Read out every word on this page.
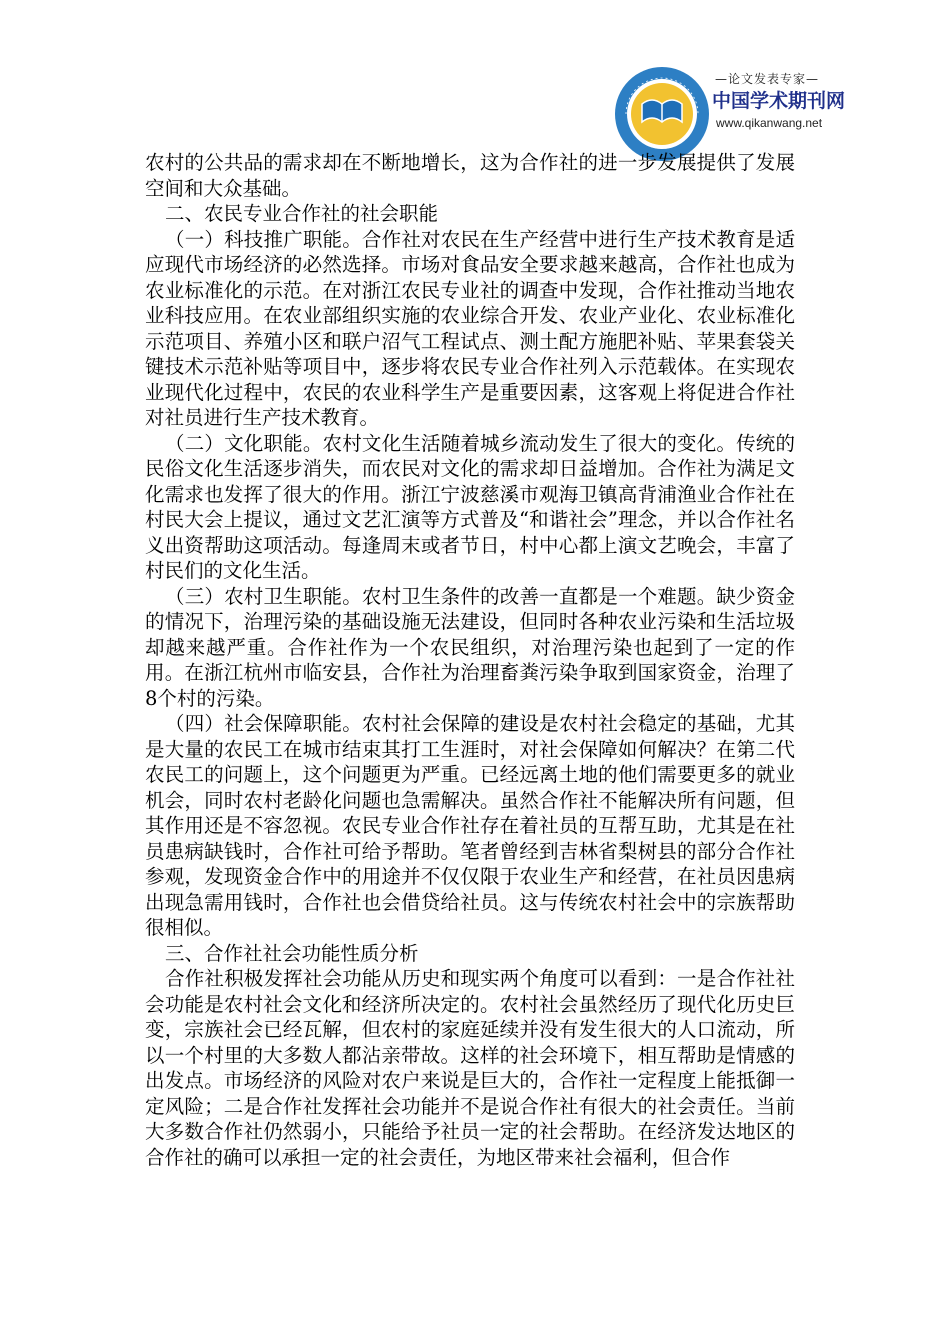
—论文发表专家—
中国学术期刊网
www.qikanwang.net

农村的公共品的需求却在不断地增长，这为合作社的进一步发展提供了发展空间和大众基础。

二、农民专业合作社的社会职能

（一）科技推广职能。合作社对农民在生产经营中进行生产技术教育是适应现代市场经济的必然选择。市场对食品安全要求越来越高，合作社也成为农业标准化的示范。在对浙江农民专业社的调查中发现，合作社推动当地农业科技应用。在农业部组织实施的农业综合开发、农业产业化、农业标准化示范项目、养殖小区和联户沼气工程试点、测土配方施肥补贴、苹果套袋关键技术示范补贴等项目中，逐步将农民专业合作社列入示范载体。在实现农业现代化过程中，农民的农业科学生产是重要因素，这客观上将促进合作社对社员进行生产技术教育。

（二）文化职能。农村文化生活随着城乡流动发生了很大的变化。传统的民俗文化生活逐步消失，而农民对文化的需求却日益增加。合作社为满足文化需求也发挥了很大的作用。浙江宁波慈溪市观海卫镇高背浦渔业合作社在村民大会上提议，通过文艺汇演等方式普及“和谐社会”理念，并以合作社名义出资帮助这项活动。每逢周末或者节日，村中心都上演文艺晚会，丰富了村民们的文化生活。

（三）农村卫生职能。农村卫生条件的改善一直都是一个难题。缺少资金的情况下，治理污染的基础设施无法建设，但同时各种农业污染和生活垃圾却越来越严重。合作社作为一个农民组织，对治理污染也起到了一定的作用。在浙江杭州市临安县，合作社为治理畜粪污染争取到国家资金，治理了8个村的污染。

（四）社会保障职能。农村社会保障的建设是农村社会稳定的基础，尤其是大量的农民工在城市结束其打工生涯时，对社会保障如何解决？在第二代农民工的问题上，这个问题更为严重。已经远离土地的他们需要更多的就业机会，同时农村老龄化问题也急需解决。虽然合作社不能解决所有问题，但其作用还是不容忽视。农民专业合作社存在着社员的互帮互助，尤其是在社员患病缺钱时，合作社可给予帮助。笔者曾经到吉林省梨树县的部分合作社参观，发现资金合作中的用途并不仅仅限于农业生产和经营，在社员因患病出现急需用钱时，合作社也会借贷给社员。这与传统农村社会中的宗族帮助很相似。

三、合作社社会功能性质分析

合作社积极发挥社会功能从历史和现实两个角度可以看到：一是合作社社会功能是农村社会文化和经济所决定的。农村社会虽然经历了现代化历史巨变，宗族社会已经瓦解，但农村的家庭延续并没有发生很大的人口流动，所以一个村里的大多数人都沾亲带故。这样的社会环境下，相互帮助是情感的出发点。市场经济的风险对农户来说是巨大的，合作社一定程度上能抵御一定风险；二是合作社发挥社会功能并不是说合作社有很大的社会责任。当前大多数合作社仍然弱小，只能给予社员一定的社会帮助。在经济发达地区的合作社的确可以承担一定的社会责任，为地区带来社会福利，但合作
